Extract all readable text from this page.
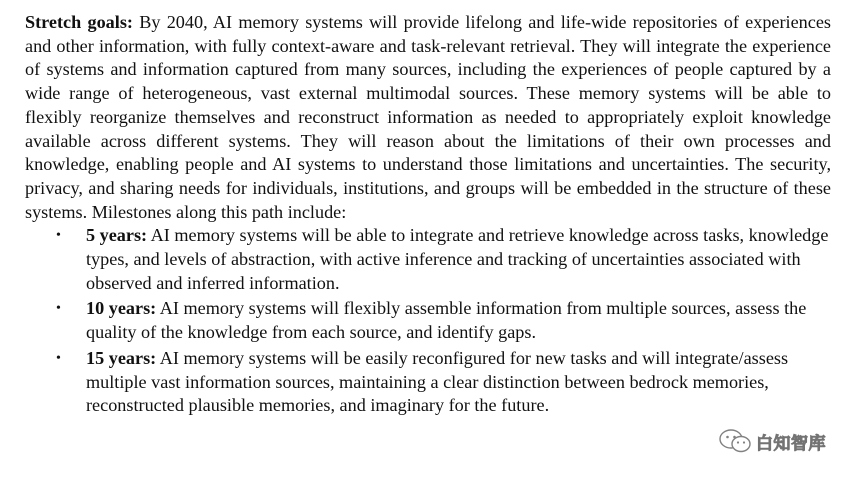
Stretch goals: By 2040, AI memory systems will provide lifelong and life-wide repositories of experiences and other information, with fully context-aware and task-relevant retrieval. They will integrate the experience of systems and information captured from many sources, including the experiences of people captured by a wide range of heterogeneous, vast external multimodal sources. These memory systems will be able to flexibly reorganize themselves and reconstruct information as needed to appropriately exploit knowledge available across different systems. They will reason about the limitations of their own processes and knowledge, enabling people and AI systems to understand those limitations and uncertainties. The security, privacy, and sharing needs for individuals, institutions, and groups will be embedded in the structure of these systems. Milestones along this path include:

• 5 years: AI memory systems will be able to integrate and retrieve knowledge across tasks, knowledge types, and levels of abstraction, with active inference and tracking of uncertainties associated with observed and inferred information.
• 10 years: AI memory systems will flexibly assemble information from multiple sources, assess the quality of the knowledge from each source, and identify gaps.
• 15 years: AI memory systems will be easily reconfigured for new tasks and will integrate/assess multiple vast information sources, maintaining a clear distinction between bedrock memories, reconstructed plausible memories, and imaginary for the future.
白知智库
